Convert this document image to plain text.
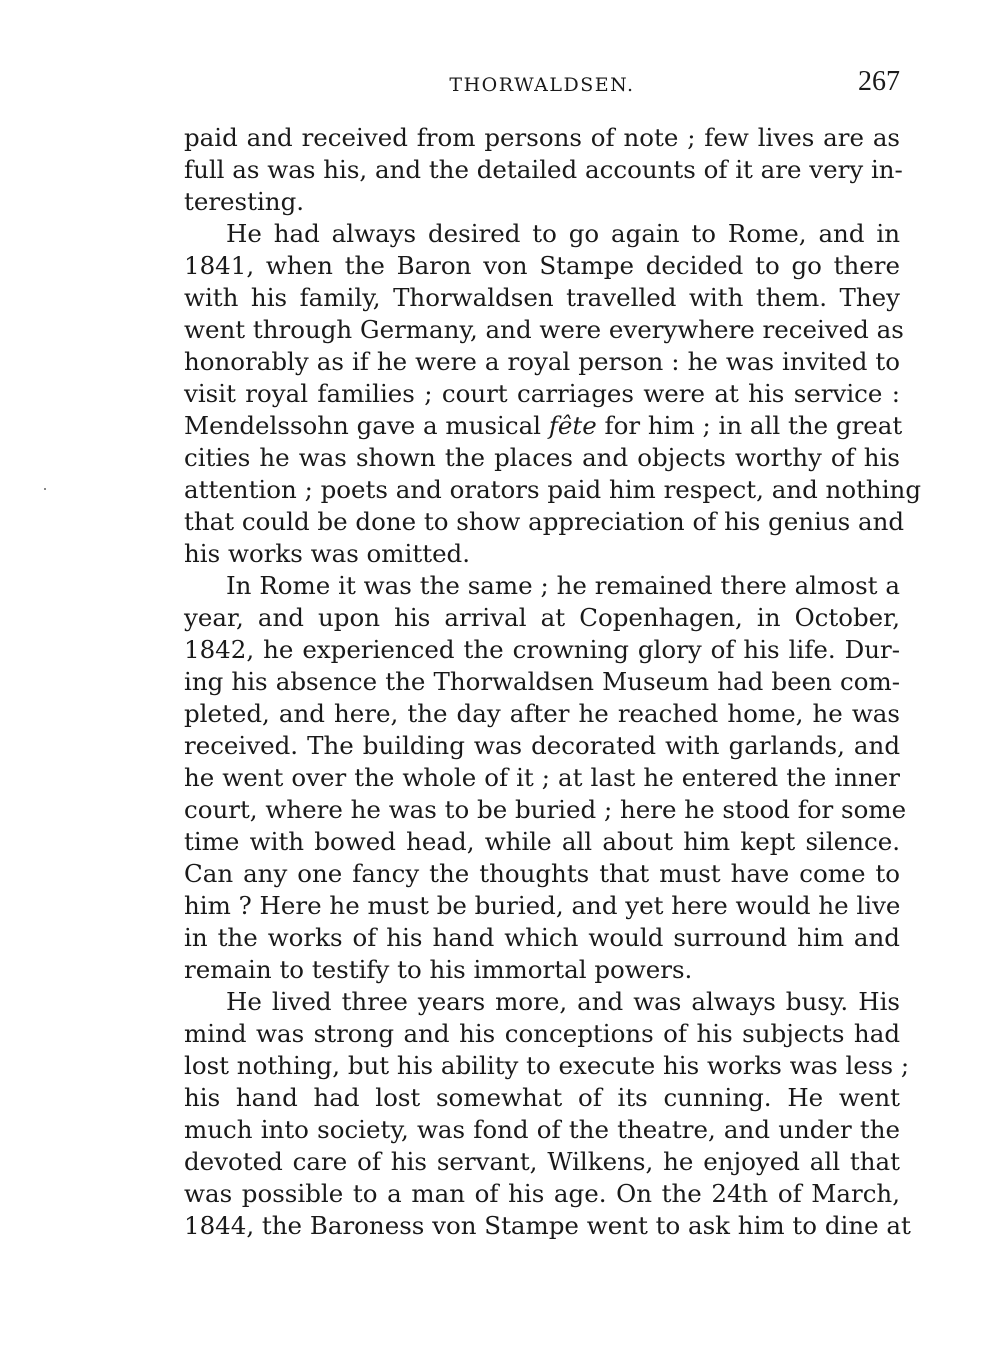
THORWALDSEN.	267
paid and received from persons of note ; few lives are as
full as was his, and the detailed accounts of it are very in-
teresting.
He had always desired to go again to Rome, and in
1841, when the Baron von Stampe decided to go there
with his family, Thorwaldsen travelled with them. They
went through Germany, and were everywhere received as
honorably as if he were a royal person : he was invited to
visit royal families ; court carriages were at his service :
Mendelssohn gave a musical fête for him ; in all the great
cities he was shown the places and objects worthy of his
attention ; poets and orators paid him respect, and nothing
that could be done to show appreciation of his genius and
his works was omitted.
In Rome it was the same ; he remained there almost a
year, and upon his arrival at Copenhagen, in October,
1842, he experienced the crowning glory of his life. Dur-
ing his absence the Thorwaldsen Museum had been com-
pleted, and here, the day after he reached home, he was
received. The building was decorated with garlands, and
he went over the whole of it ; at last he entered the inner
court, where he was to be buried ; here he stood for some
time with bowed head, while all about him kept silence.
Can any one fancy the thoughts that must have come to
him ? Here he must be buried, and yet here would he live
in the works of his hand which would surround him and
remain to testify to his immortal powers.
He lived three years more, and was always busy. His
mind was strong and his conceptions of his subjects had
lost nothing, but his ability to execute his works was less ;
his hand had lost somewhat of its cunning. He went
much into society, was fond of the theatre, and under the
devoted care of his servant, Wilkens, he enjoyed all that
was possible to a man of his age. On the 24th of March,
1844, the Baroness von Stampe went to ask him to dine at
